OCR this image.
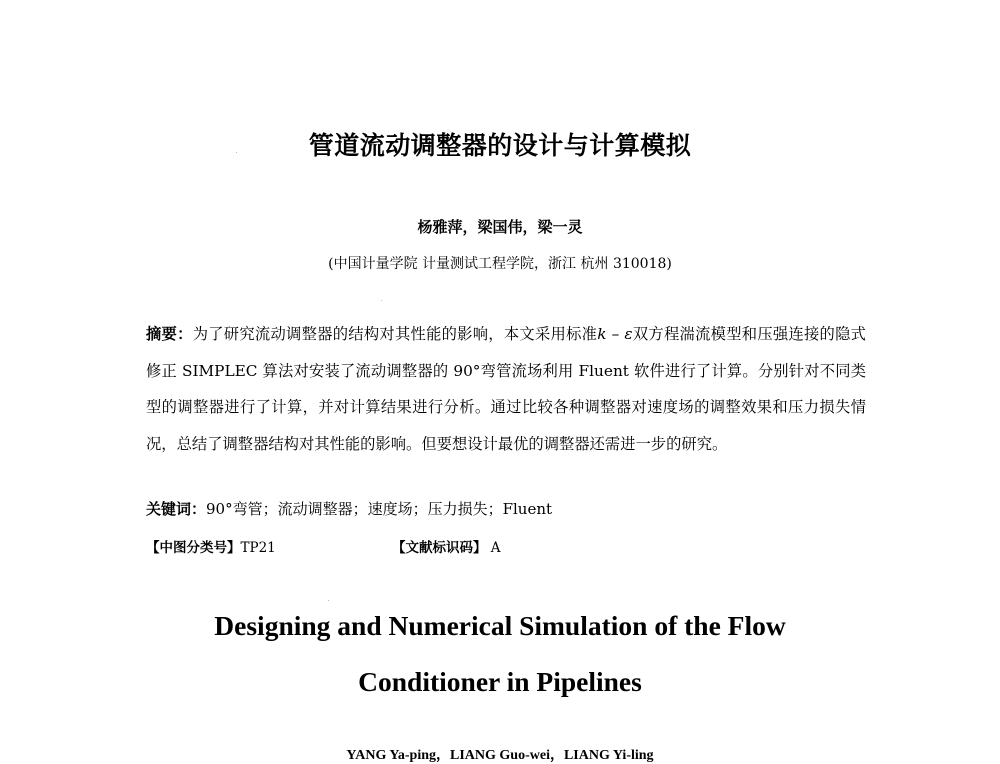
管道流动调整器的设计与计算模拟
杨雅萍，梁国伟，梁一灵
(中国计量学院 计量测试工程学院，浙江 杭州 310018)
摘要：为了研究流动调整器的结构对其性能的影响，本文采用标准k – ε双方程湍流模型和压强连接的隐式修正 SIMPLEC 算法对安装了流动调整器的 90°弯管流场利用 Fluent 软件进行了计算。分别针对不同类型的调整器进行了计算，并对计算结果进行分析。通过比较各种调整器对速度场的调整效果和压力损失情况，总结了调整器结构对其性能的影响。但要想设计最优的调整器还需进一步的研究。
关键词：90°弯管；流动调整器；速度场；压力损失；Fluent
【中图分类号】TP21	【文献标识码】 A
Designing and Numerical Simulation of the Flow
Conditioner in Pipelines
YANG Ya-ping，LIANG Guo-wei，LIANG Yi-ling
